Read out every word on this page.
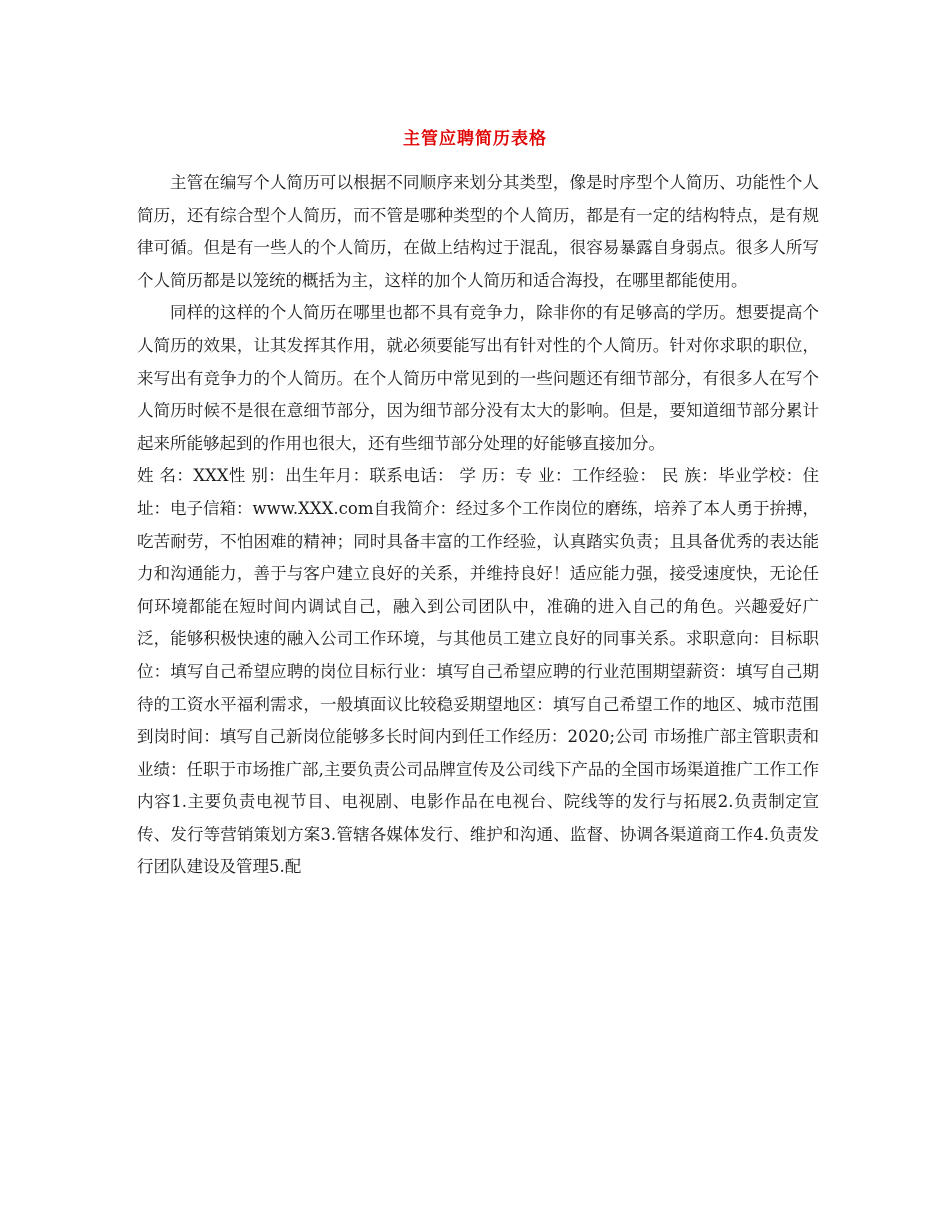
主管应聘简历表格

主管在编写个人简历可以根据不同顺序来划分其类型，像是时序型个人简历、功能性个人简历，还有综合型个人简历，而不管是哪种类型的个人简历，都是有一定的结构特点，是有规律可循。但是有一些人的个人简历，在做上结构过于混乱，很容易暴露自身弱点。很多人所写个人简历都是以笼统的概括为主，这样的加个人简历和适合海投，在哪里都能使用。

同样的这样的个人简历在哪里也都不具有竞争力，除非你的有足够高的学历。想要提高个人简历的效果，让其发挥其作用，就必须要能写出有针对性的个人简历。针对你求职的职位，来写出有竞争力的个人简历。在个人简历中常见到的一些问题还有细节部分，有很多人在写个人简历时候不是很在意细节部分，因为细节部分没有太大的影响。但是，要知道细节部分累计起来所能够起到的作用也很大，还有些细节部分处理的好能够直接加分。

姓 名：XXX性 别：出生年月：联系电话： 学 历：专 业：工作经验： 民 族：毕业学校：住 址：电子信箱：www.XXX.com自我简介：经过多个工作岗位的磨练，培养了本人勇于拚搏，吃苦耐劳，不怕困难的精神；同时具备丰富的工作经验，认真踏实负责；且具备优秀的表达能力和沟通能力，善于与客户建立良好的关系，并维持良好！适应能力强，接受速度快，无论任何环境都能在短时间内调试自己，融入到公司团队中，准确的进入自己的角色。兴趣爱好广泛，能够积极快速的融入公司工作环境，与其他员工建立良好的同事关系。求职意向：目标职位：填写自己希望应聘的岗位目标行业：填写自己希望应聘的行业范围期望薪资：填写自己期待的工资水平福利需求，一般填面议比较稳妥期望地区：填写自己希望工作的地区、城市范围到岗时间：填写自己新岗位能够多长时间内到任工作经历：2020;公司 市场推广部主管职责和业绩：任职于市场推广部,主要负责公司品牌宣传及公司线下产品的全国市场渠道推广工作工作内容1.主要负责电视节目、电视剧、电影作品在电视台、院线等的发行与拓展2.负责制定宣传、发行等营销策划方案3.管辖各媒体发行、维护和沟通、监督、协调各渠道商工作4.负责发行团队建设及管理5.配
